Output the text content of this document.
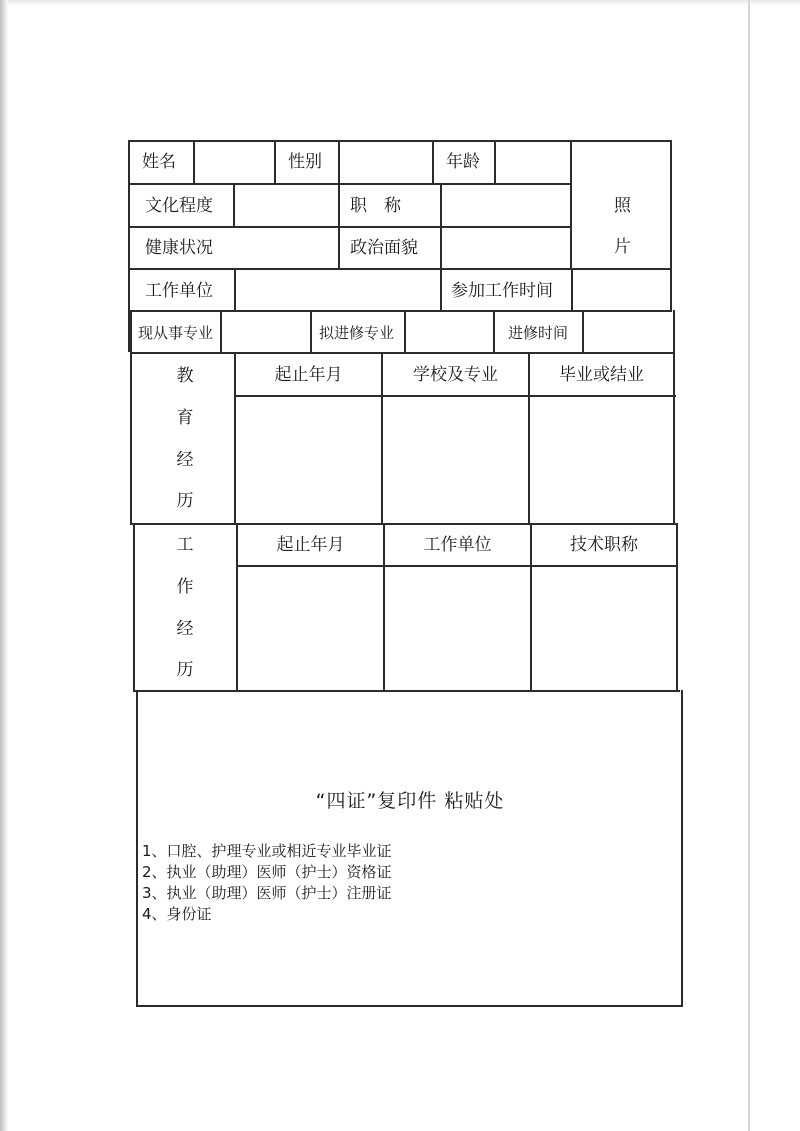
姓名	性别	年龄
照
片
文化程度	职　称
健康状况	政治面貌
工作单位	参加工作时间
现从事专业	拟进修专业	进修时间
教
育
经
历
起止年月	学校及专业	毕业或结业
工
作
经
历
起止年月	工作单位	技术职称
“四证”复印件 粘贴处
1、口腔、护理专业或相近专业毕业证
2、执业（助理）医师（护士）资格证
3、执业（助理）医师（护士）注册证
4、身份证
